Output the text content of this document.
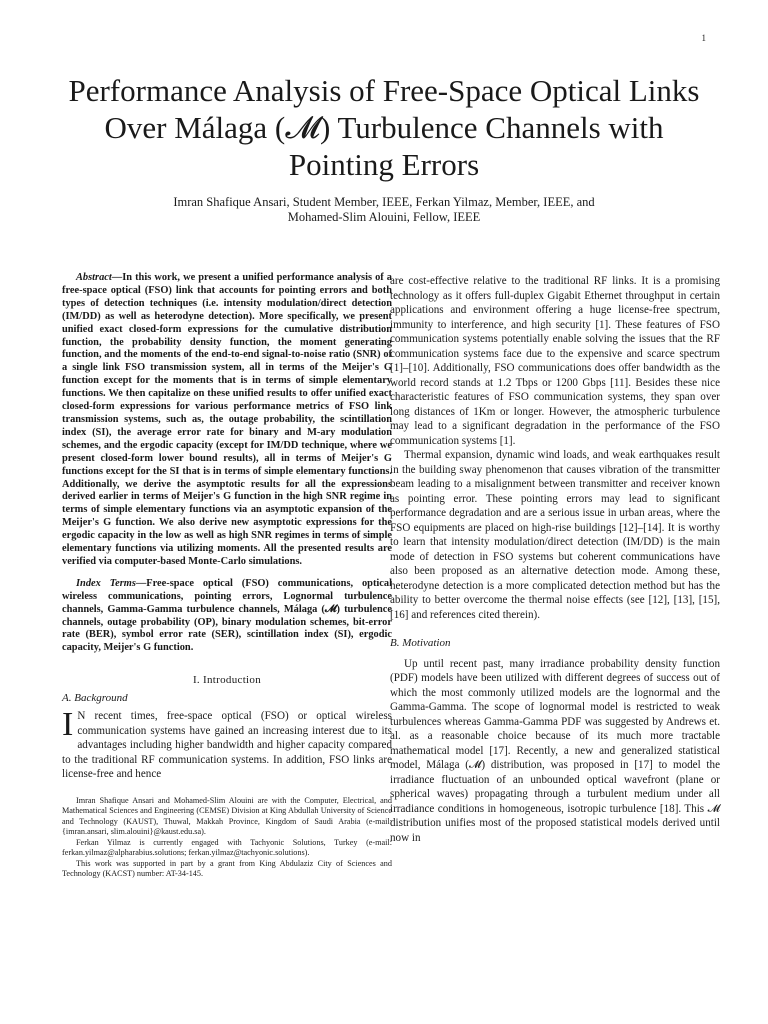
1
Performance Analysis of Free-Space Optical Links
Over Málaga (𝓜) Turbulence Channels with
Pointing Errors
Imran Shafique Ansari, Student Member, IEEE, Ferkan Yilmaz, Member, IEEE, and
Mohamed-Slim Alouini, Fellow, IEEE

Abstract—In this work, we present a unified performance analysis of a free-space optical (FSO) link that accounts for pointing errors and both types of detection techniques (i.e. intensity modulation/direct detection (IM/DD) as well as heterodyne detection). More specifically, we present unified exact closed-form expressions for the cumulative distribution function, the probability density function, the moment generating function, and the moments of the end-to-end signal-to-noise ratio (SNR) of a single link FSO transmission system, all in terms of the Meijer's G function except for the moments that is in terms of simple elementary functions. We then capitalize on these unified results to offer unified exact closed-form expressions for various performance metrics of FSO link transmission systems, such as, the outage probability, the scintillation index (SI), the average error rate for binary and M-ary modulation schemes, and the ergodic capacity (except for IM/DD technique, where we present closed-form lower bound results), all in terms of Meijer's G functions except for the SI that is in terms of simple elementary functions. Additionally, we derive the asymptotic results for all the expressions derived earlier in terms of Meijer's G function in the high SNR regime in terms of simple elementary functions via an asymptotic expansion of the Meijer's G function. We also derive new asymptotic expressions for the ergodic capacity in the low as well as high SNR regimes in terms of simple elementary functions via utilizing moments. All the presented results are verified via computer-based Monte-Carlo simulations.

Index Terms—Free-space optical (FSO) communications, optical wireless communications, pointing errors, Lognormal turbulence channels, Gamma-Gamma turbulence channels, Málaga (𝓜) turbulence channels, outage probability (OP), binary modulation schemes, bit-error rate (BER), symbol error rate (SER), scintillation index (SI), ergodic capacity, Meijer's G function.

I. Introduction
A. Background

I N recent times, free-space optical (FSO) or optical wireless communication systems have gained an increasing interest due to its advantages including higher bandwidth and higher capacity compared to the traditional RF communication systems. In addition, FSO links are license-free and hence

Imran Shafique Ansari and Mohamed-Slim Alouini are with the Computer, Electrical, and Mathematical Sciences and Engineering (CEMSE) Division at King Abdullah University of Science and Technology (KAUST), Thuwal, Makkah Province, Kingdom of Saudi Arabia (e-mail: {imran.ansari, slim.alouini}@kaust.edu.sa).

Ferkan Yilmaz is currently engaged with Tachyonic Solutions, Turkey (e-mail: ferkan.yilmaz@alpharabius.solutions; ferkan.yilmaz@tachyonic.solutions).

This work was supported in part by a grant from King Abdulaziz City of Sciences and Technology (KACST) number: AT-34-145.

are cost-effective relative to the traditional RF links. It is a promising technology as it offers full-duplex Gigabit Ethernet throughput in certain applications and environment offering a huge license-free spectrum, immunity to interference, and high security [1]. These features of FSO communication systems potentially enable solving the issues that the RF communication systems face due to the expensive and scarce spectrum [1]–[10]. Additionally, FSO communications does offer bandwidth as the world record stands at 1.2 Tbps or 1200 Gbps [11]. Besides these nice characteristic features of FSO communication systems, they span over long distances of 1Km or longer. However, the atmospheric turbulence may lead to a significant degradation in the performance of the FSO communication systems [1].

Thermal expansion, dynamic wind loads, and weak earthquakes result in the building sway phenomenon that causes vibration of the transmitter beam leading to a misalignment between transmitter and receiver known as pointing error. These pointing errors may lead to significant performance degradation and are a serious issue in urban areas, where the FSO equipments are placed on high-rise buildings [12]–[14]. It is worthy to learn that intensity modulation/direct detection (IM/DD) is the main mode of detection in FSO systems but coherent communications have also been proposed as an alternative detection mode. Among these, heterodyne detection is a more complicated detection method but has the ability to better overcome the thermal noise effects (see [12], [13], [15], [16] and references cited therein).

B. Motivation

Up until recent past, many irradiance probability density function (PDF) models have been utilized with different degrees of success out of which the most commonly utilized models are the lognormal and the Gamma-Gamma. The scope of lognormal model is restricted to weak turbulences whereas Gamma-Gamma PDF was suggested by Andrews et. al. as a reasonable choice because of its much more tractable mathematical model [17]. Recently, a new and generalized statistical model, Málaga (𝓜) distribution, was proposed in [17] to model the irradiance fluctuation of an unbounded optical wavefront (plane or spherical waves) propagating through a turbulent medium under all irradiance conditions in homogeneous, isotropic turbulence [18]. This 𝓜 distribution unifies most of the proposed statistical models derived until now in
